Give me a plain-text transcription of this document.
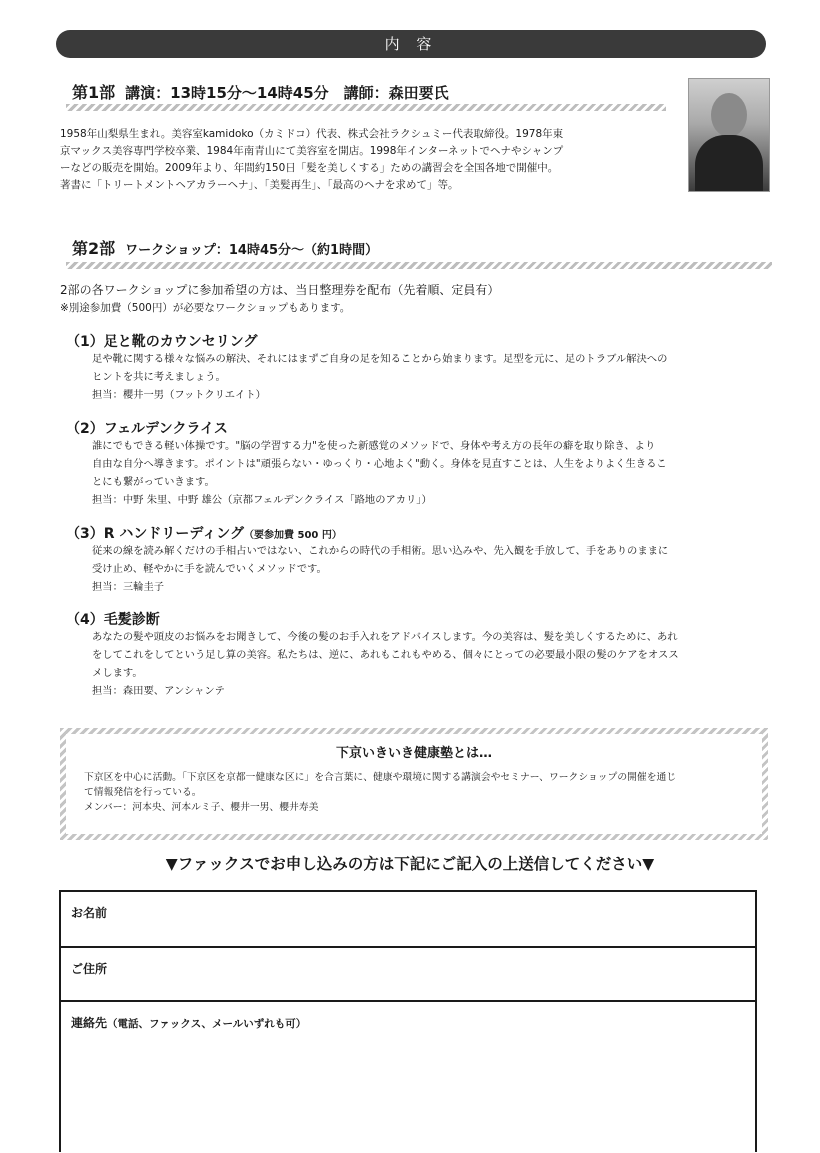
内 容
第1部 講演：13時15分〜14時45分　講師：森田要氏
1958年山梨県生まれ。美容室kamidoko（カミドコ）代表、株式会社ラクシュミー代表取締役。1978年東
京マックス美容専門学校卒業、1984年南青山にて美容室を開店。1998年インターネットでヘナやシャンプ
ーなどの販売を開始。2009年より、年間約150日「髪を美しくする」ための講習会を全国各地で開催中。
著書に「トリートメントヘアカラーヘナ」、「美髪再生」、「最高のヘナを求めて」等。
第2部 ワークショップ：14時45分〜（約1時間）
2部の各ワークショップに参加希望の方は、当日整理券を配布（先着順、定員有）
※別途参加費（500円）が必要なワークショップもあります。
（1）足と靴のカウンセリング
足や靴に関する様々な悩みの解決、それにはまずご自身の足を知ることから始まります。足型を元に、足のトラブル解決への
ヒントを共に考えましょう。
担当：櫻井一男（フットクリエイト）
（2）フェルデンクライス
誰にでもできる軽い体操です。"脳の学習する力"を使った新感覚のメソッドで、身体や考え方の長年の癖を取り除き、より
自由な自分へ導きます。ポイントは"頑張らない・ゆっくり・心地よく"動く。身体を見直すことは、人生をよりよく生きるこ
とにも繋がっていきます。
担当：中野 朱里、中野 雄公（京都フェルデンクライス「路地のアカリ」）
（3）R ハンドリーディング（要参加費 500 円）
従来の線を読み解くだけの手相占いではない、これからの時代の手相術。思い込みや、先入観を手放して、手をありのままに
受け止め、軽やかに手を読んでいくメソッドです。
担当：三輪圭子
（4）毛髪診断
あなたの髪や頭皮のお悩みをお聞きして、今後の髪のお手入れをアドバイスします。今の美容は、髪を美しくするために、あれ
をしてこれをしてという足し算の美容。私たちは、逆に、あれもこれもやめる、個々にとっての必要最小限の髪のケアをオスス
メします。
担当：森田要、アンシャンテ
下京いきいき健康塾とは…
下京区を中心に活動。「下京区を京都一健康な区に」を合言葉に、健康や環境に関する講演会やセミナー、ワークショップの開催を通じ
て情報発信を行っている。
メンバー：河本央、河本ルミ子、櫻井一男、櫻井寿美
▼ファックスでお申し込みの方は下記にご記入の上送信してください▼
お名前
ご住所
連絡先（電話、ファックス、メールいずれも可）
